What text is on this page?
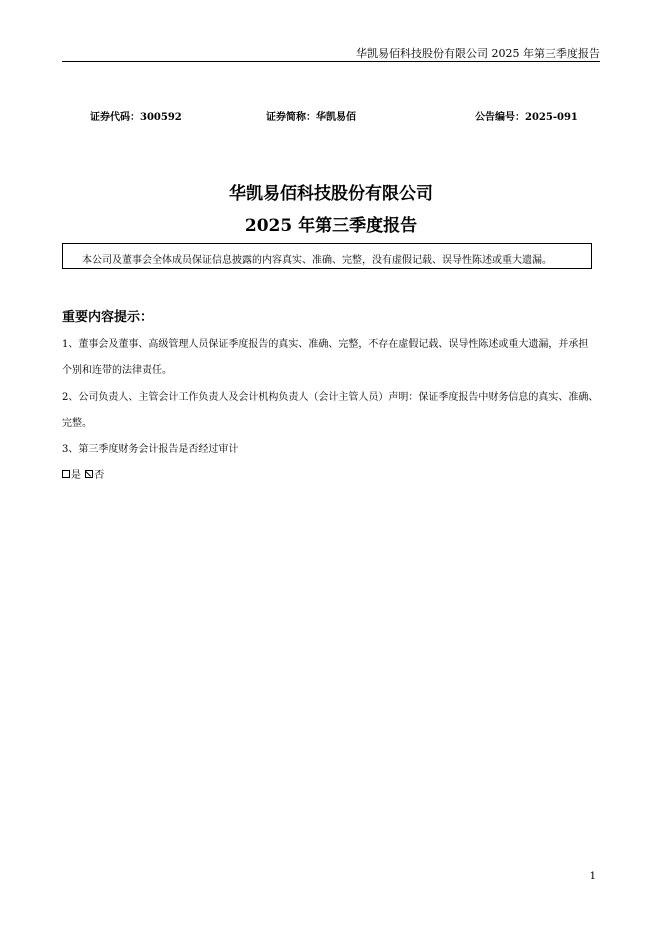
华凯易佰科技股份有限公司 2025 年第三季度报告
证券代码：300592	证券简称：华凯易佰	公告编号：2025-091
华凯易佰科技股份有限公司
2025 年第三季度报告
本公司及董事会全体成员保证信息披露的内容真实、准确、完整，没有虚假记载、误导性陈述或重大遗漏。
重要内容提示：
1、董事会及董事、高级管理人员保证季度报告的真实、准确、完整，不存在虚假记载、误导性陈述或重大遗漏，并承担
个别和连带的法律责任。
2、公司负责人、主管会计工作负责人及会计机构负责人（会计主管人员）声明：保证季度报告中财务信息的真实、准确、
完整。
3、第三季度财务会计报告是否经过审计
是 否
1
